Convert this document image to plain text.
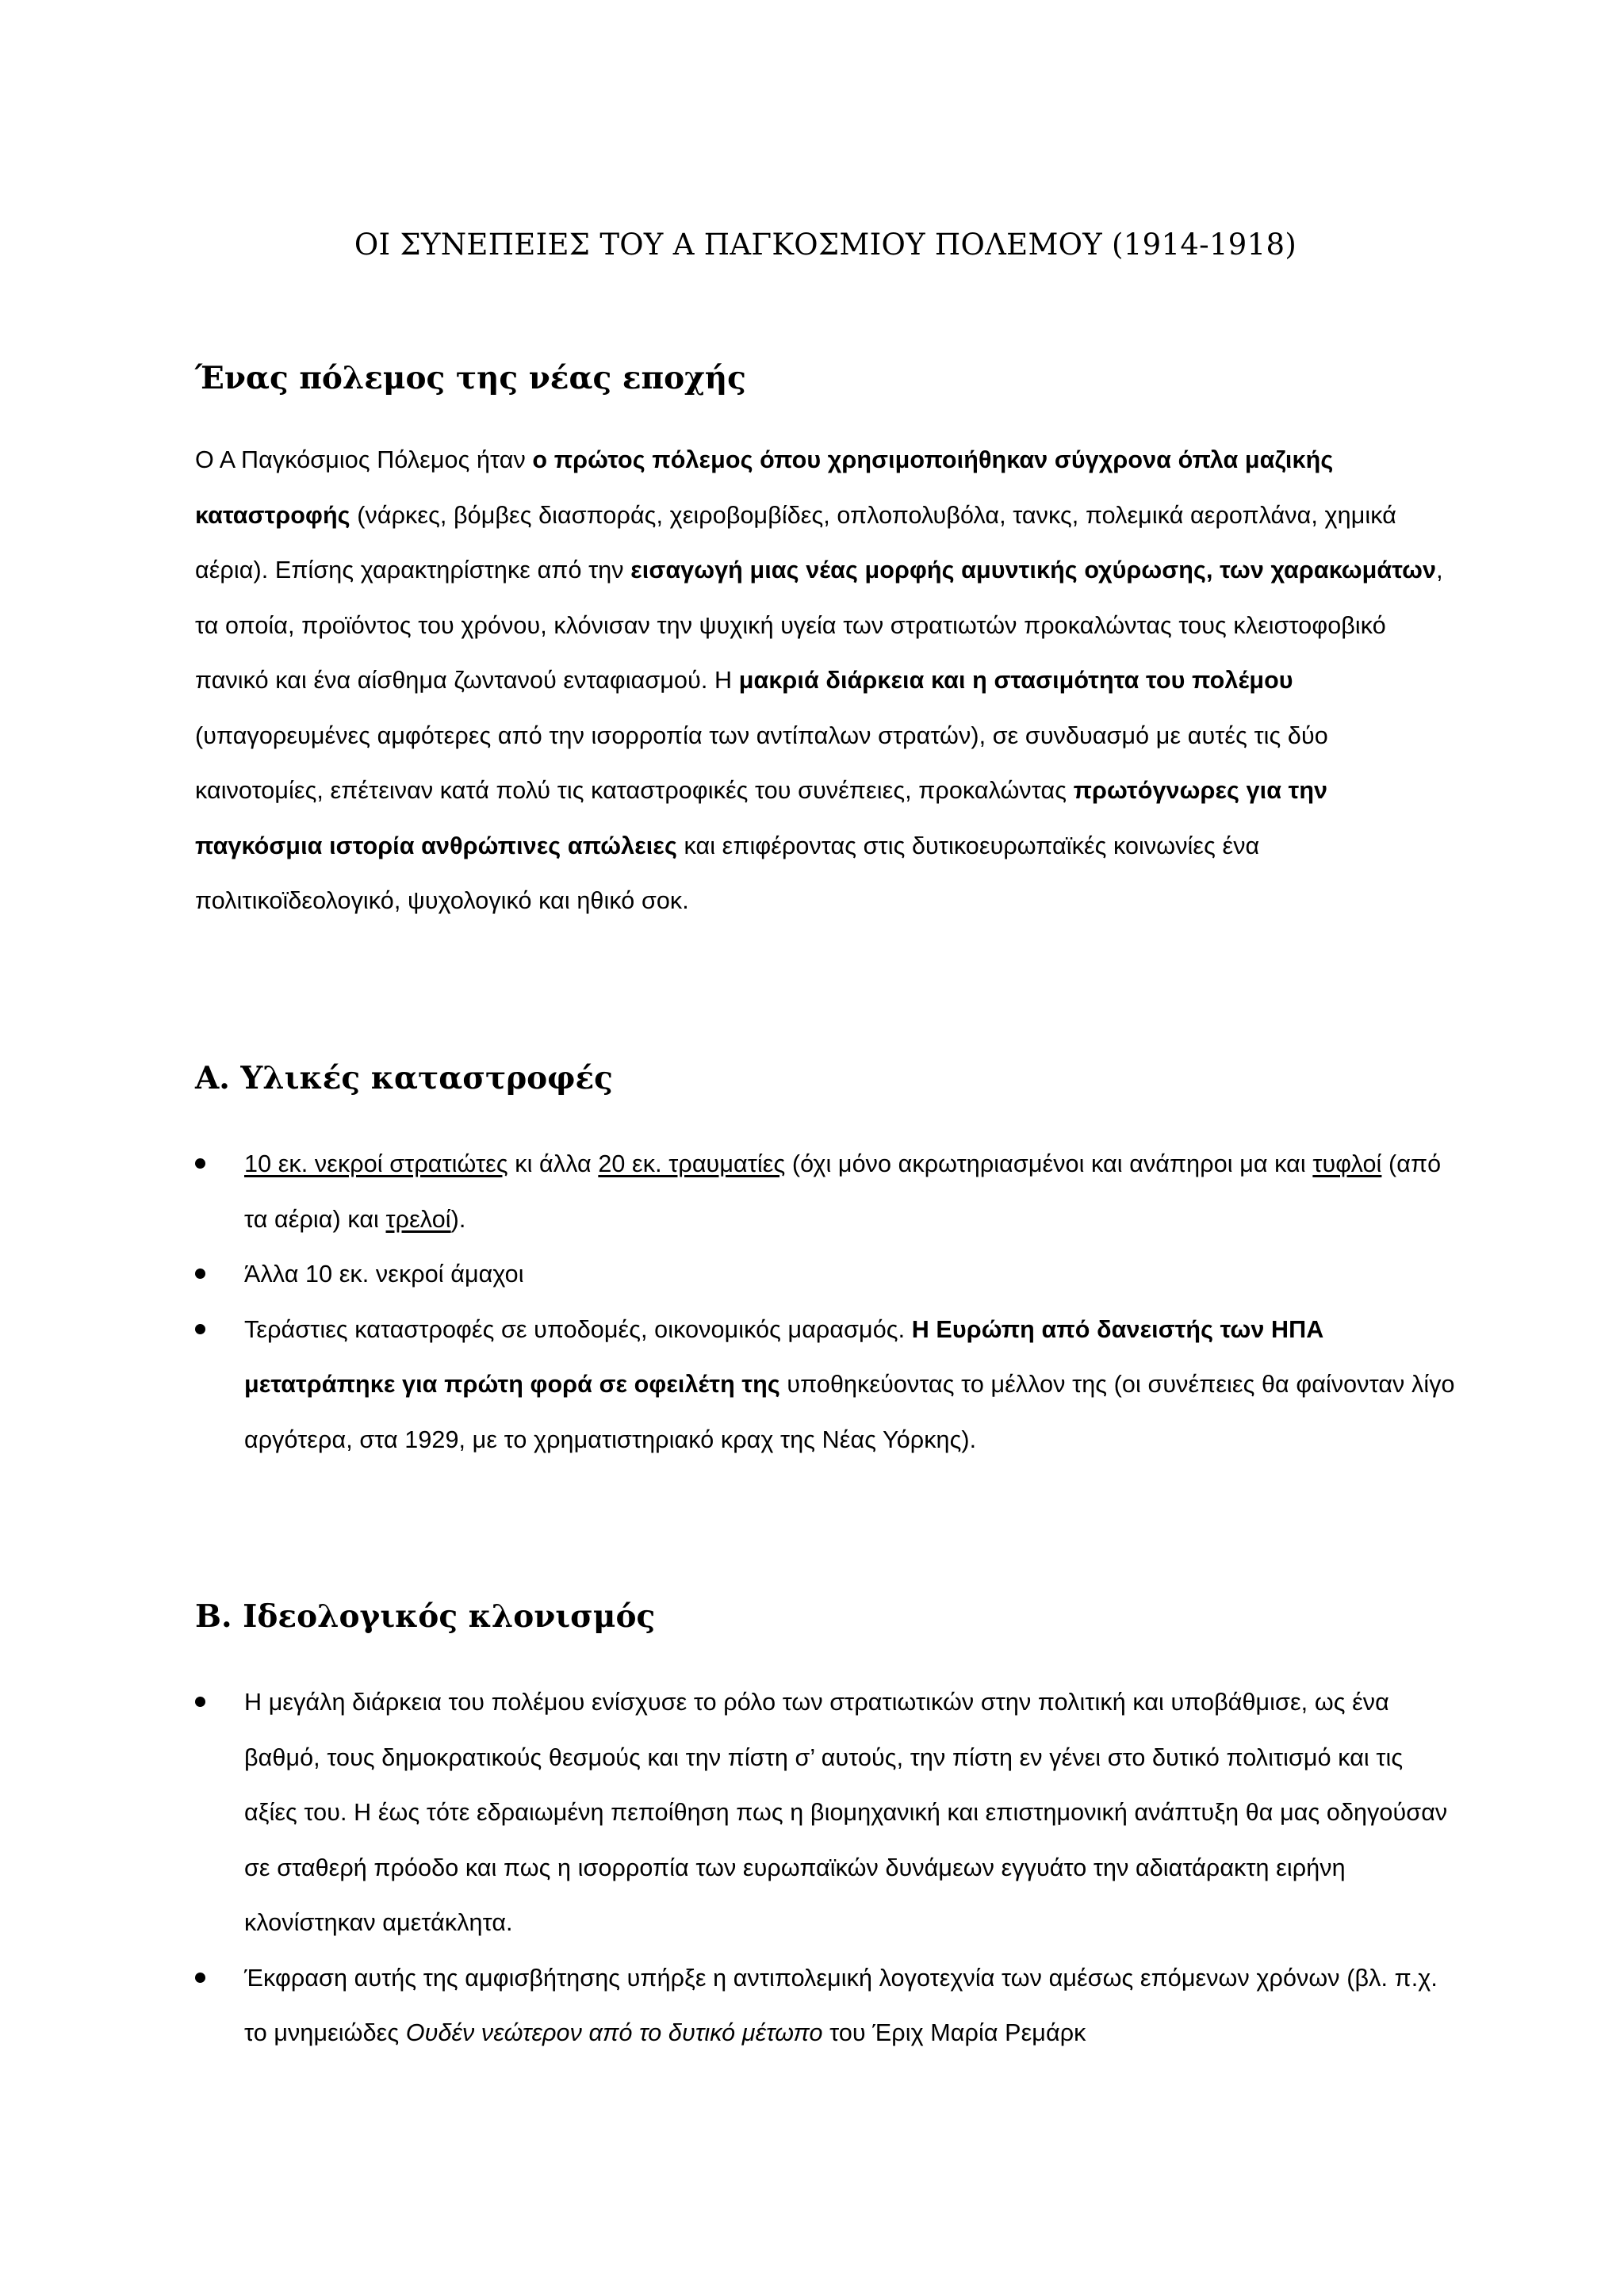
ΟΙ ΣΥΝΕΠΕΙΕΣ ΤΟΥ Α ΠΑΓΚΟΣΜΙΟΥ ΠΟΛΕΜΟΥ (1914-1918)
Ένας πόλεμος της νέας εποχής

Ο Α Παγκόσμιος Πόλεμος ήταν ο πρώτος πόλεμος όπου χρησιμοποιήθηκαν σύγχρονα όπλα μαζικής καταστροφής (νάρκες, βόμβες διασποράς, χειροβομβίδες, οπλοπολυβόλα, τανκς, πολεμικά αεροπλάνα, χημικά αέρια). Επίσης χαρακτηρίστηκε από την εισαγωγή μιας νέας μορφής αμυντικής οχύρωσης, των χαρακωμάτων, τα οποία, προϊόντος του χρόνου, κλόνισαν την ψυχική υγεία των στρατιωτών προκαλώντας τους κλειστοφοβικό πανικό και ένα αίσθημα ζωντανού ενταφιασμού. Η μακριά διάρκεια και η στασιμότητα του πολέμου (υπαγορευμένες αμφότερες από την ισορροπία των αντίπαλων στρατών), σε συνδυασμό με αυτές τις δύο καινοτομίες, επέτειναν κατά πολύ τις καταστροφικές του συνέπειες, προκαλώντας πρωτόγνωρες για την παγκόσμια ιστορία ανθρώπινες απώλειες και επιφέροντας στις δυτικοευρωπαϊκές κοινωνίες ένα πολιτικοϊδεολογικό, ψυχολογικό και ηθικό σοκ.

Α. Υλικές καταστροφές
10 εκ. νεκροί στρατιώτες κι άλλα 20 εκ. τραυματίες (όχι μόνο ακρωτηριασμένοι και ανάπηροι μα και τυφλοί (από τα αέρια) και τρελοί).
Άλλα 10 εκ. νεκροί άμαχοι
Τεράστιες καταστροφές σε υποδομές, οικονομικός μαρασμός. Η Ευρώπη από δανειστής των ΗΠΑ μετατράπηκε για πρώτη φορά σε οφειλέτη της υποθηκεύοντας το μέλλον της (οι συνέπειες θα φαίνονταν λίγο αργότερα, στα 1929, με το χρηματιστηριακό κραχ της Νέας Υόρκης).
Β. Ιδεολογικός κλονισμός
Η μεγάλη διάρκεια του πολέμου ενίσχυσε το ρόλο των στρατιωτικών στην πολιτική και υποβάθμισε, ως ένα βαθμό, τους δημοκρατικούς θεσμούς και την πίστη σ’ αυτούς, την πίστη εν γένει στο δυτικό πολιτισμό και τις αξίες του. Η έως τότε εδραιωμένη πεποίθηση πως η βιομηχανική και επιστημονική ανάπτυξη θα μας οδηγούσαν σε σταθερή πρόοδο και πως η ισορροπία των ευρωπαϊκών δυνάμεων εγγυάτο την αδιατάρακτη ειρήνη κλονίστηκαν αμετάκλητα.
Έκφραση αυτής της αμφισβήτησης υπήρξε η αντιπολεμική λογοτεχνία των αμέσως επόμενων χρόνων (βλ. π.χ. το μνημειώδες Ουδέν νεώτερον από το δυτικό μέτωπο του Έριχ Μαρία Ρεμάρκ
